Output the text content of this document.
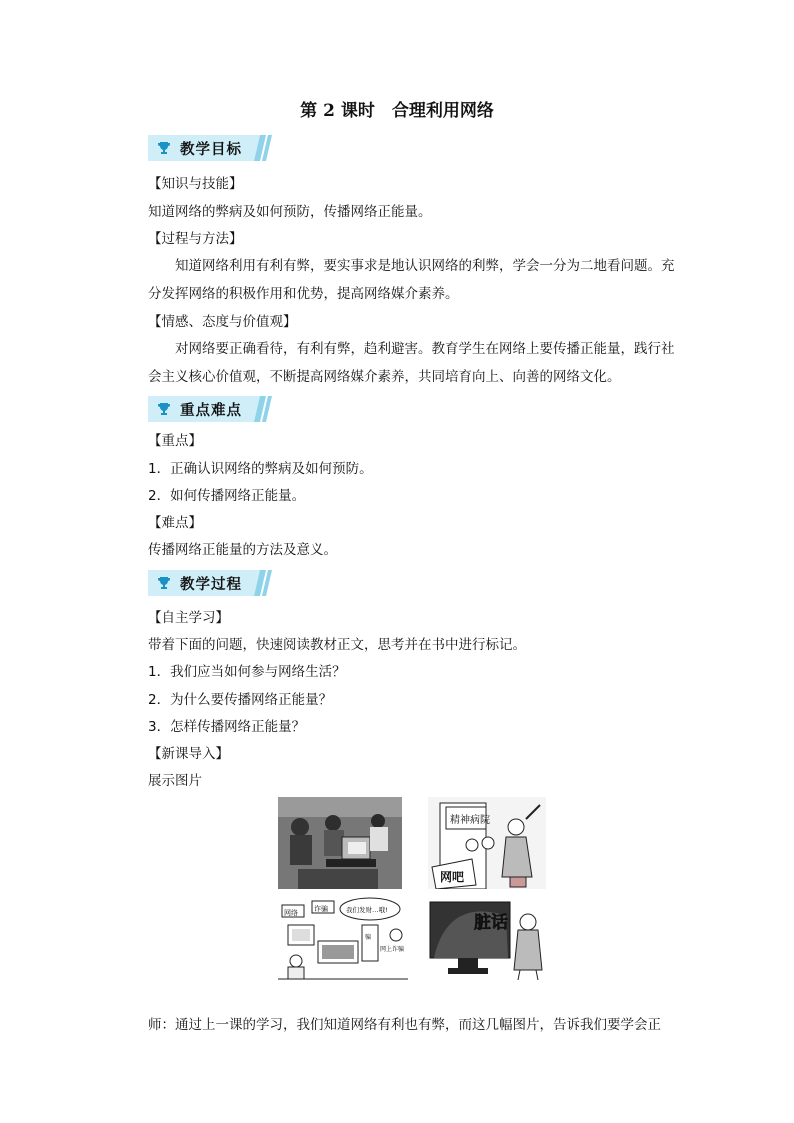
第 2 课时　合理利用网络
教学目标
【知识与技能】
知道网络的弊病及如何预防，传播网络正能量。
【过程与方法】
知道网络利用有利有弊，要实事求是地认识网络的利弊，学会一分为二地看问题。充分发挥网络的积极作用和优势，提高网络媒介素养。
【情感、态度与价值观】
对网络要正确看待，有利有弊，趋利避害。教育学生在网络上要传播正能量，践行社会主义核心价值观，不断提高网络媒介素养，共同培育向上、向善的网络文化。
重点难点
【重点】
1．正确认识网络的弊病及如何预防。
2．如何传播网络正能量。
【难点】
传播网络正能量的方法及意义。
教学过程
【自主学习】
带着下面的问题，快速阅读教材正文，思考并在书中进行标记。
1．我们应当如何参与网络生活？
2．为什么要传播网络正能量？
3．怎样传播网络正能量？
【新课导入】
展示图片
精神病院
网吧
网络 诈骗	我们发财…哦!
骗
网上诈骗
脏话
师：通过上一课的学习，我们知道网络有利也有弊，而这几幅图片，告诉我们要学会正
